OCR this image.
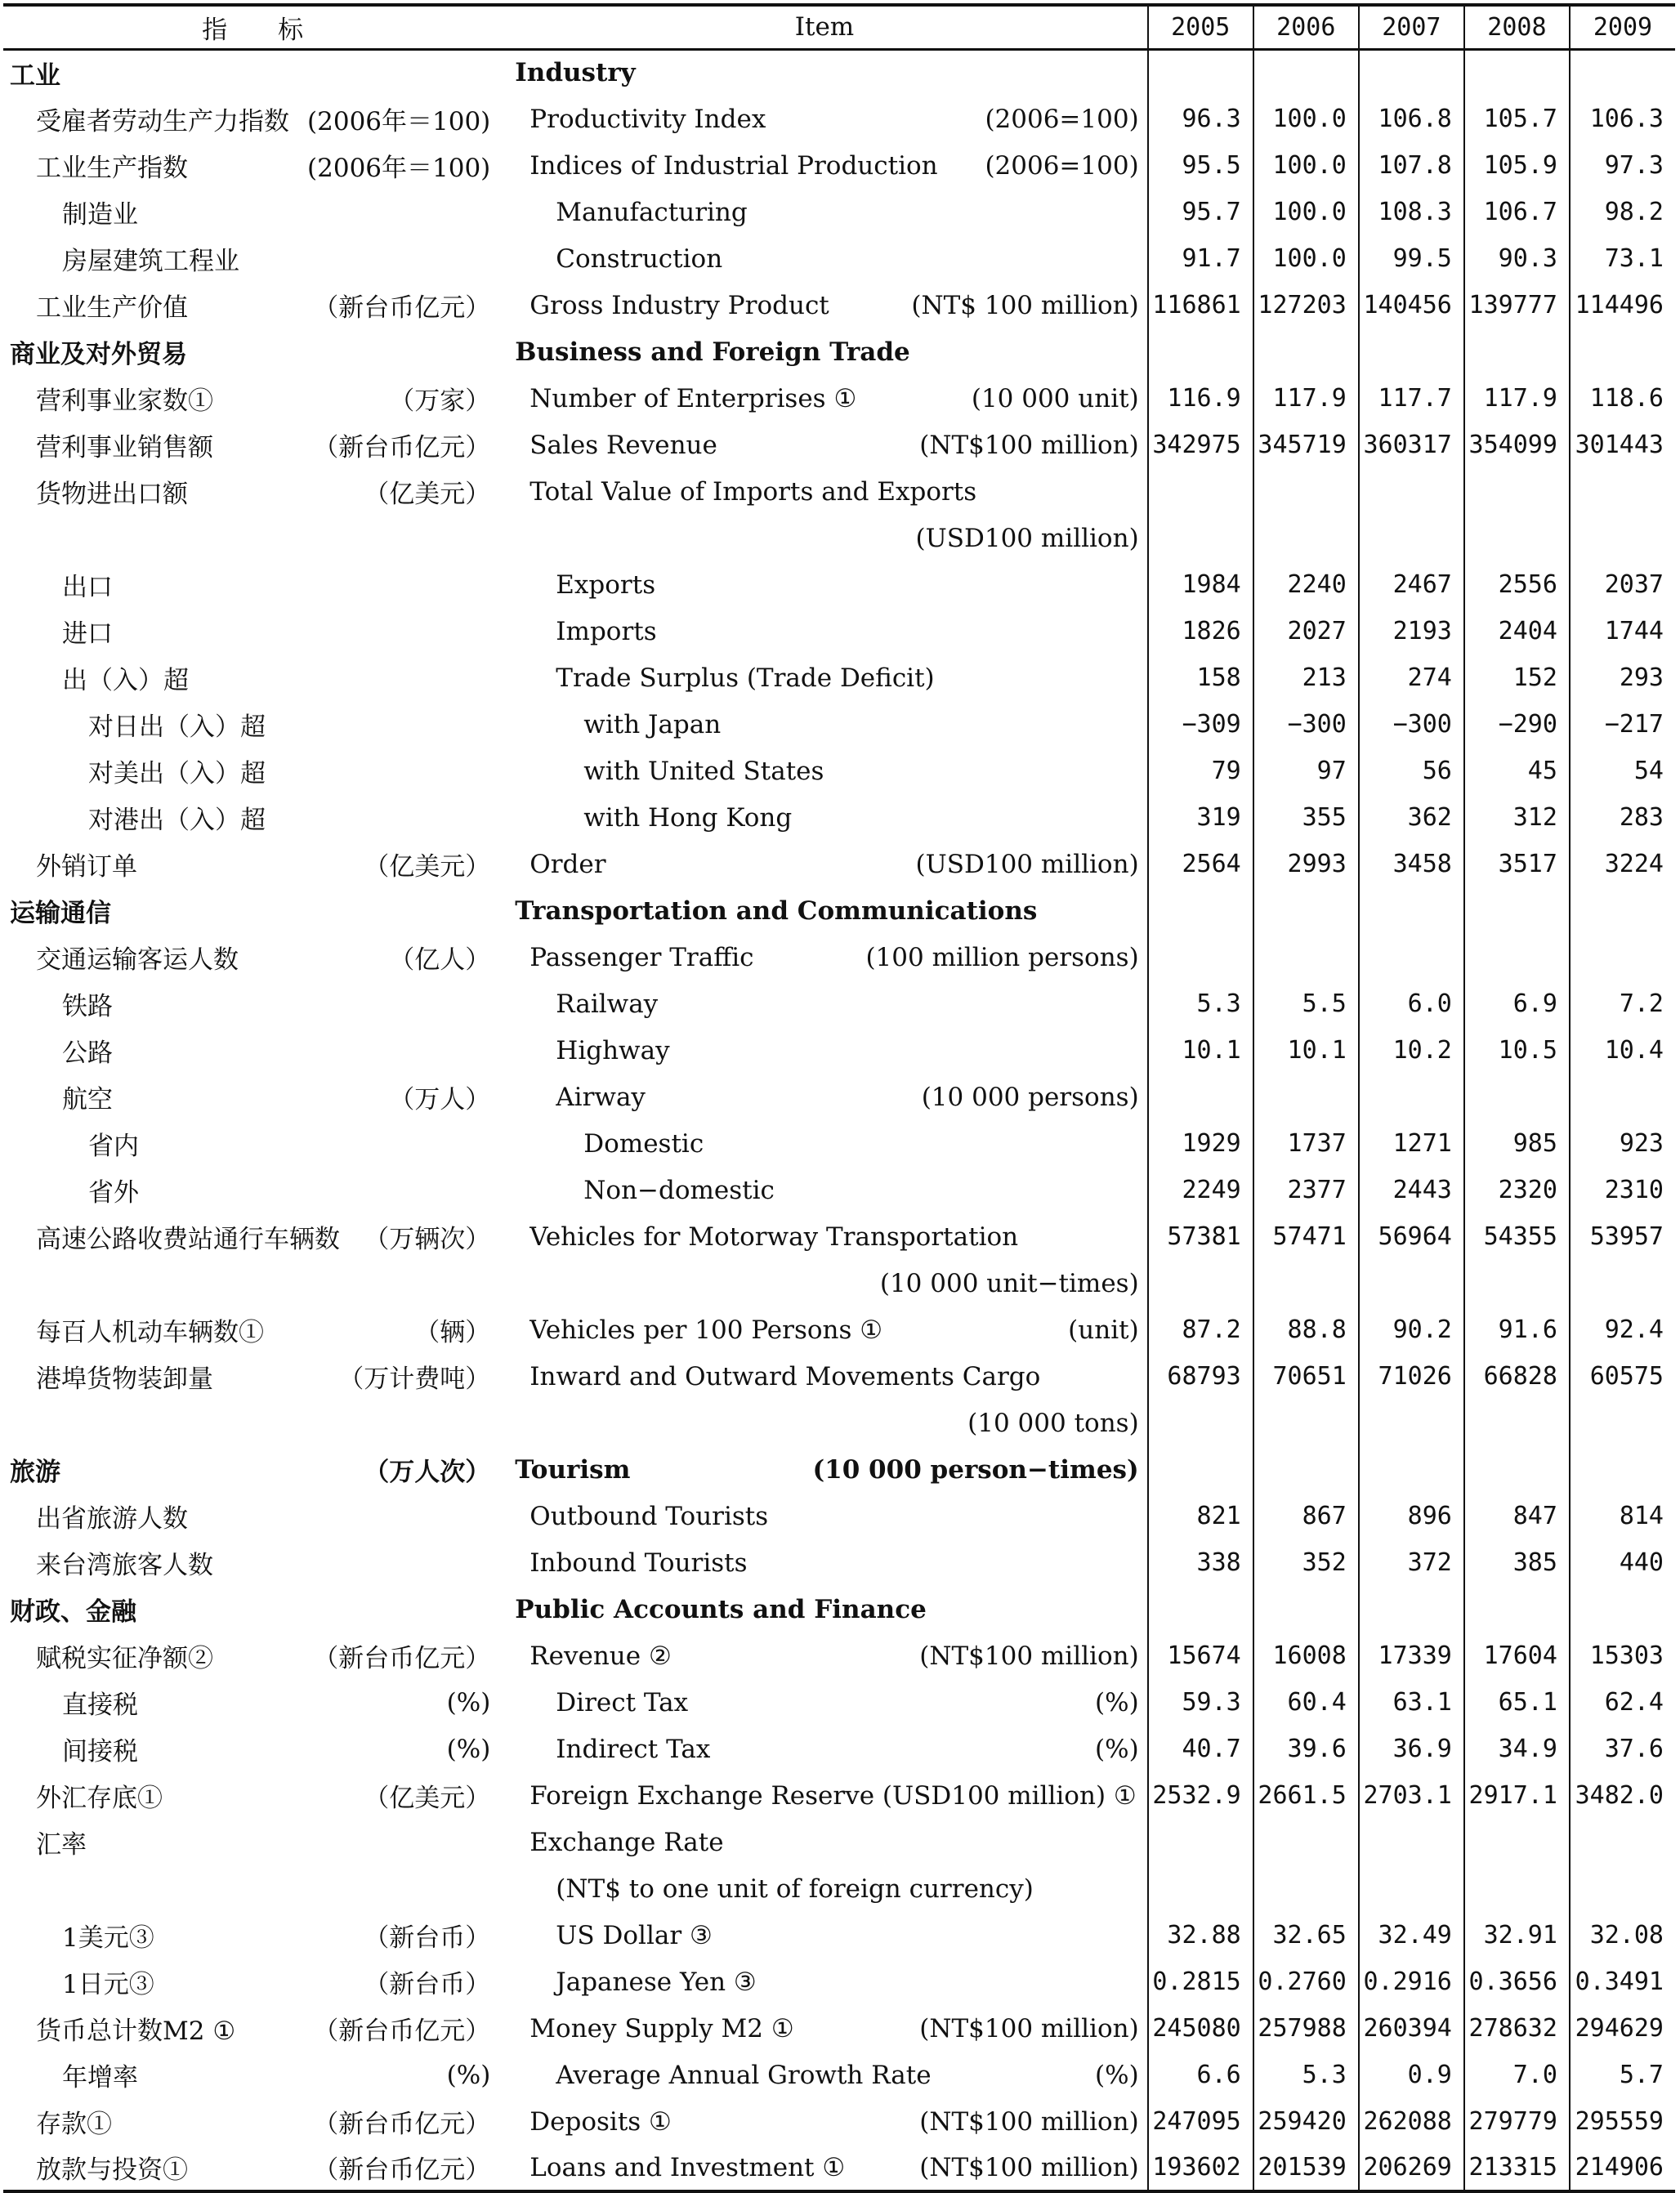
指　　标	Item	2005	2006	2007	2008	2009

工业	Industry					

受雇者劳动生产力指数 (2006年＝100)	Productivity Index (2006=100)	96.3	100.0	106.8	105.7	106.3

工业生产指数 (2006年＝100)	Indices of Industrial Production (2006=100)	95.5	100.0	107.8	105.9	97.3

制造业	Manufacturing	95.7	100.0	108.3	106.7	98.2

房屋建筑工程业	Construction	91.7	100.0	99.5	90.3	73.1

工业生产价值 （新台币亿元）	Gross Industry Product (NT$ 100 million)	116861	127203	140456	139777	114496

商业及对外贸易	Business and Foreign Trade					

营利事业家数① （万家）	Number of Enterprises ① (10 000 unit)	116.9	117.9	117.7	117.9	118.6

营利事业销售额 （新台币亿元）	Sales Revenue (NT$100 million)	342975	345719	360317	354099	301443

货物进出口额 （亿美元）	Total Value of Imports and Exports					

	(USD100 million)					

出口	Exports	1984	2240	2467	2556	2037

进口	Imports	1826	2027	2193	2404	1744

出（入）超	Trade Surplus (Trade Deficit)	158	213	274	152	293

对日出（入）超	with Japan	−309	−300	−300	−290	−217

对美出（入）超	with United States	79	97	56	45	54

对港出（入）超	with Hong Kong	319	355	362	312	283

外销订单 （亿美元）	Order (USD100 million)	2564	2993	3458	3517	3224

运输通信	Transportation and Communications					

交通运输客运人数 （亿人）	Passenger Traffic (100 million persons)					

铁路	Railway	5.3	5.5	6.0	6.9	7.2

公路	Highway	10.1	10.1	10.2	10.5	10.4

航空 （万人）	Airway (10 000 persons)					

省内	Domestic	1929	1737	1271	985	923

省外	Non−domestic	2249	2377	2443	2320	2310

高速公路收费站通行车辆数 （万辆次）	Vehicles for Motorway Transportation	57381	57471	56964	54355	53957

	(10 000 unit−times)					

每百人机动车辆数① （辆）	Vehicles per 100 Persons ① (unit)	87.2	88.8	90.2	91.6	92.4

港埠货物装卸量 （万计费吨）	Inward and Outward Movements Cargo	68793	70651	71026	66828	60575

	(10 000 tons)					

旅游 （万人次）	Tourism (10 000 person−times)					

出省旅游人数	Outbound Tourists	821	867	896	847	814

来台湾旅客人数	Inbound Tourists	338	352	372	385	440

财政、金融	Public Accounts and Finance					

赋税实征净额② （新台币亿元）	Revenue ② (NT$100 million)	15674	16008	17339	17604	15303

直接税 (%)	Direct Tax (%)	59.3	60.4	63.1	65.1	62.4

间接税 (%)	Indirect Tax (%)	40.7	39.6	36.9	34.9	37.6

外汇存底① （亿美元）	Foreign Exchange Reserve (USD100 million) ①	2532.9	2661.5	2703.1	2917.1	3482.0

汇率	Exchange Rate					

	(NT$ to one unit of foreign currency)					

1美元③ （新台币）	US Dollar ③	32.88	32.65	32.49	32.91	32.08

1日元③ （新台币）	Japanese Yen ③	0.2815	0.2760	0.2916	0.3656	0.3491

货币总计数M2 ① （新台币亿元）	Money Supply M2 ① (NT$100 million)	245080	257988	260394	278632	294629

年增率 (%)	Average Annual Growth Rate (%)	6.6	5.3	0.9	7.0	5.7

存款① （新台币亿元）	Deposits ① (NT$100 million)	247095	259420	262088	279779	295559

放款与投资① （新台币亿元）	Loans and Investment ① (NT$100 million)	193602	201539	206269	213315	214906
